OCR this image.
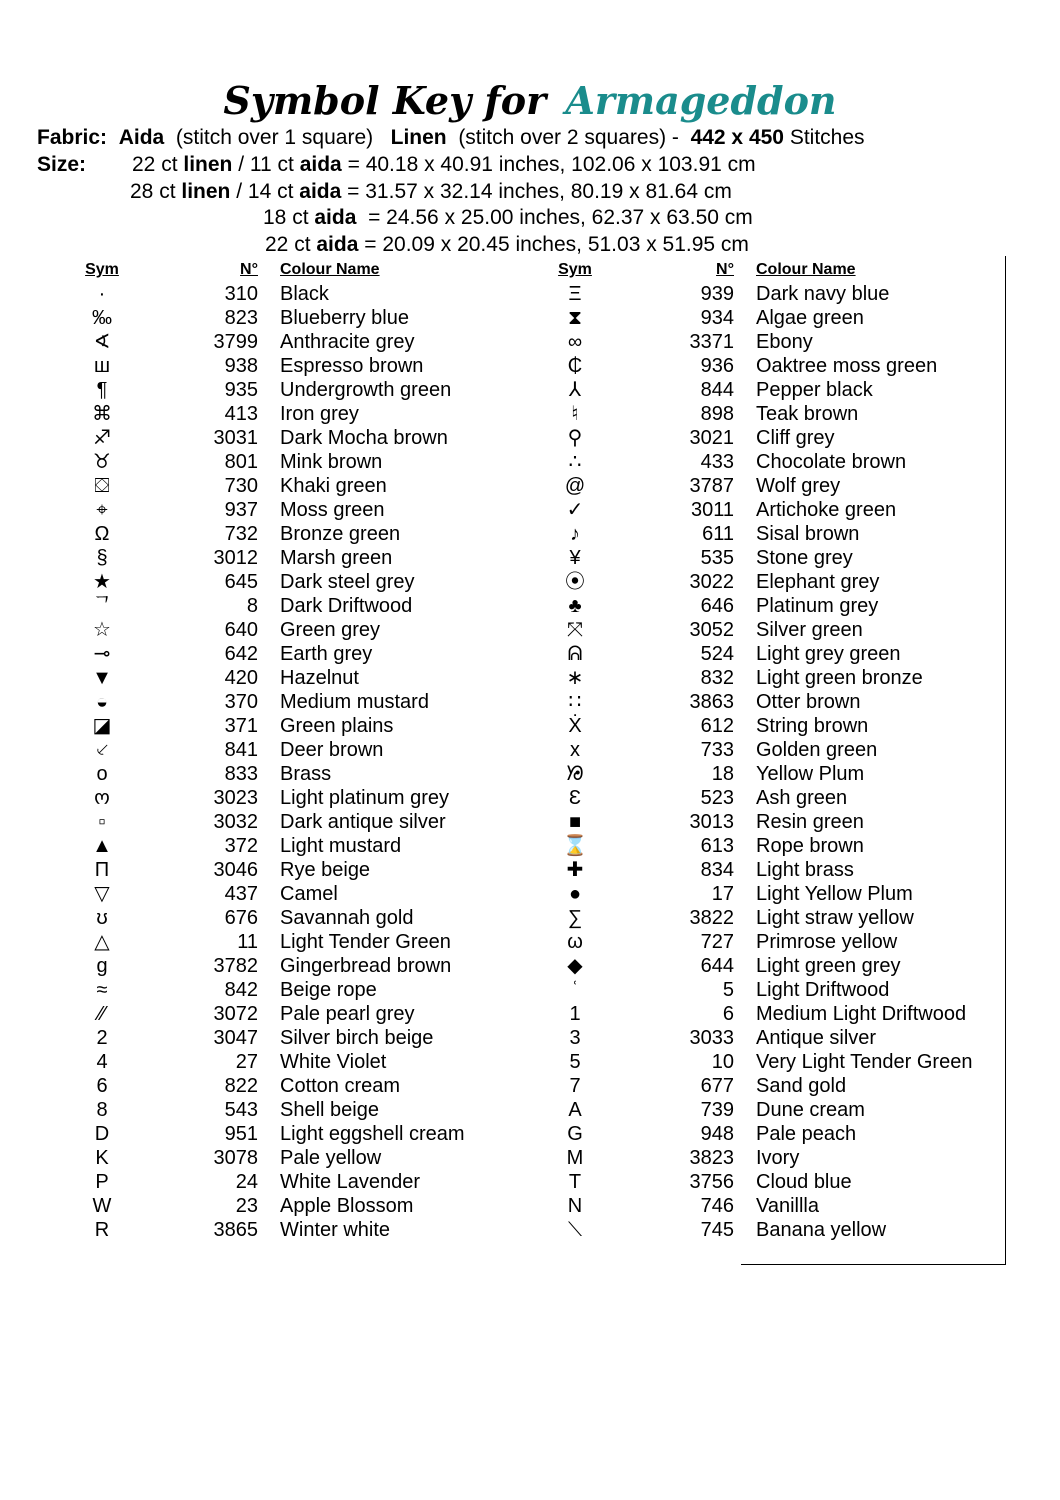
Symbol Key for Armageddon
Fabric: Aida (stitch over 1 square) Linen (stitch over 2 squares) - 442 x 450 Stitches
Size: 22 ct linen / 11 ct aida = 40.18 x 40.91 inches, 102.06 x 103.91 cm
28 ct linen / 14 ct aida = 31.57 x 32.14 inches, 80.19 x 81.64 cm
18 ct aida  = 24.56 x 25.00 inches, 62.37 x 63.50 cm
22 ct aida = 20.09 x 20.45 inches, 51.03 x 51.95 cm
Sym	N°	Colour Name
·	310	Black
‰	823	Blueberry blue
∢	3799	Anthracite grey
ш	938	Espresso brown
¶	935	Undergrowth green
⌘	413	Iron grey
♐	3031	Dark Mocha brown
♉	801	Mink brown
⛋	730	Khaki green
⌖	937	Moss green
Ω	732	Bronze green
§	3012	Marsh green
★	645	Dark steel grey
ᄀ	8	Dark Driftwood
☆	640	Green grey
⊸	642	Earth grey
▼	420	Hazelnut
◒	370	Medium mustard
◪	371	Green plains
⸔	841	Deer brown
o	833	Brass
ო	3023	Light platinum grey
▫	3032	Dark antique silver
▲	372	Light mustard
Π	3046	Rye beige
▽	437	Camel
ʊ	676	Savannah gold
△	11	Light Tender Green
g	3782	Gingerbread brown
≈	842	Beige rope
⁄⁄	3072	Pale pearl grey
2	3047	Silver birch beige
4	27	White Violet
6	822	Cotton cream
8	543	Shell beige
D	951	Light eggshell cream
K	3078	Pale yellow
P	24	White Lavender
W	23	Apple Blossom
R	3865	Winter white
Sym	N°	Colour Name
Ξ	939	Dark navy blue
⧗	934	Algae green
∞	3371	Ebony
₵	936	Oaktree moss green
⅄	844	Pepper black
♮	898	Teak brown
⚲	3021	Cliff grey
∴	433	Chocolate brown
@	3787	Wolf grey
✓	3011	Artichoke green
♪	611	Sisal brown
¥	535	Stone grey
⦿	3022	Elephant grey
♣	646	Platinum grey
⤧	3052	Silver green
ᕱ	524	Light grey green
∗	832	Light green bronze
∷	3863	Otter brown
Ẋ	612	String brown
x	733	Golden green
ᘠ	18	Yellow Plum
Ɛ	523	Ash green
■	3013	Resin green
⌛	613	Rope brown
✚	834	Light brass
●	17	Light Yellow Plum
∑	3822	Light straw yellow
ω	727	Primrose yellow
◆	644	Light green grey
ʿ	5	Light Driftwood
1	6	Medium Light Driftwood
3	3033	Antique silver
5	10	Very Light Tender Green
7	677	Sand gold
A	739	Dune cream
G	948	Pale peach
M	3823	Ivory
T	3756	Cloud blue
N	746	Vanillla
⟍	745	Banana yellow
